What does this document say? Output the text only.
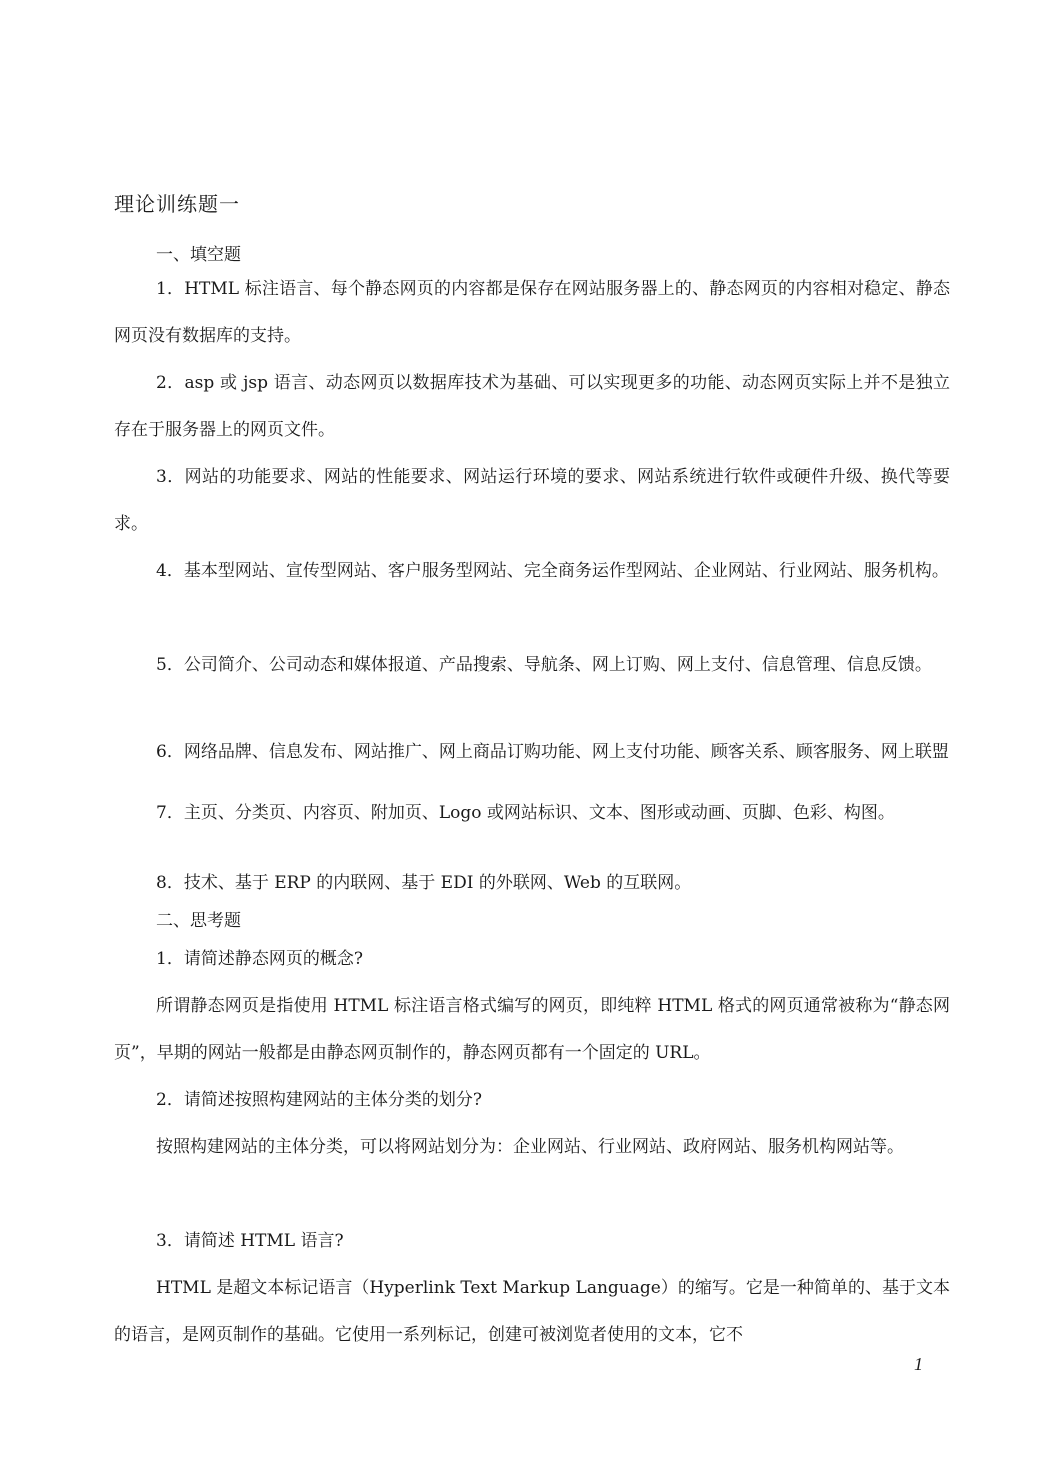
理论训练题一

一、填空题

1．HTML 标注语言、每个静态网页的内容都是保存在网站服务器上的、静态网页的内容相对稳定、静态网页没有数据库的支持。

2．asp 或 jsp 语言、动态网页以数据库技术为基础、可以实现更多的功能、动态网页实际上并不是独立存在于服务器上的网页文件。

3．网站的功能要求、网站的性能要求、网站运行环境的要求、网站系统进行软件或硬件升级、换代等要求。

4．基本型网站、宣传型网站、客户服务型网站、完全商务运作型网站、企业网站、行业网站、服务机构。

5．公司简介、公司动态和媒体报道、产品搜索、导航条、网上订购、网上支付、信息管理、信息反馈。

6．网络品牌、信息发布、网站推广、网上商品订购功能、网上支付功能、顾客关系、顾客服务、网上联盟

7．主页、分类页、内容页、附加页、Logo 或网站标识、文本、图形或动画、页脚、色彩、构图。

8．技术、基于 ERP 的内联网、基于 EDI 的外联网、Web 的互联网。

二、思考题

1．请简述静态网页的概念?

所谓静态网页是指使用 HTML 标注语言格式编写的网页，即纯粹 HTML 格式的网页通常被称为“静态网页”，早期的网站一般都是由静态网页制作的，静态网页都有一个固定的 URL。

2．请简述按照构建网站的主体分类的划分?

按照构建网站的主体分类，可以将网站划分为：企业网站、行业网站、政府网站、服务机构网站等。

3．请简述 HTML 语言?

HTML 是超文本标记语言（Hyperlink Text Markup Language）的缩写。它是一种简单的、基于文本的语言，是网页制作的基础。它使用一系列标记，创建可被浏览者使用的文本，它不

1
